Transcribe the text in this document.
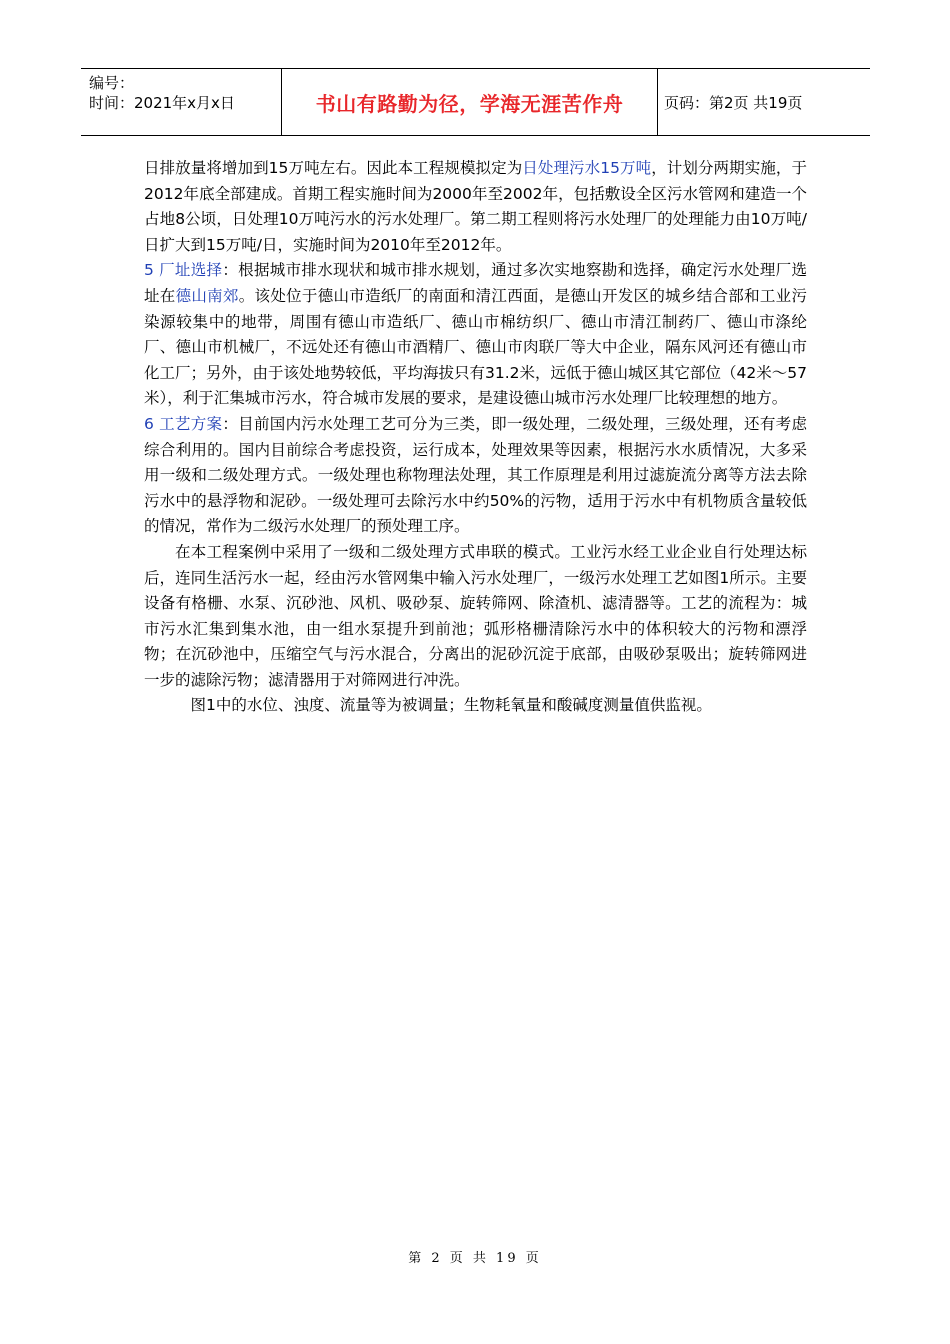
编号：
时间：2021年x月x日	书山有路勤为径，学海无涯苦作舟	页码：第2页 共19页

日排放量将增加到15万吨左右。因此本工程规模拟定为日处理污水15万吨，计划分两期实施，于2012年底全部建成。首期工程实施时间为2000年至2002年，包括敷设全区污水管网和建造一个占地8公顷，日处理10万吨污水的污水处理厂。第二期工程则将污水处理厂的处理能力由10万吨/日扩大到15万吨/日，实施时间为2010年至2012年。

5 厂址选择：根据城市排水现状和城市排水规划，通过多次实地察勘和选择，确定污水处理厂选址在德山南郊。该处位于德山市造纸厂的南面和清江西面，是德山开发区的城乡结合部和工业污染源较集中的地带，周围有德山市造纸厂、德山市棉纺织厂、德山市清江制药厂、德山市涤纶厂、德山市机械厂，不远处还有德山市酒精厂、德山市肉联厂等大中企业，隔东风河还有德山市化工厂；另外，由于该处地势较低，平均海拔只有31.2米，远低于德山城区其它部位（42米～57米），利于汇集城市污水，符合城市发展的要求，是建设德山城市污水处理厂比较理想的地方。

6 工艺方案：目前国内污水处理工艺可分为三类，即一级处理，二级处理，三级处理，还有考虑综合利用的。国内目前综合考虑投资，运行成本，处理效果等因素，根据污水水质情况，大多采用一级和二级处理方式。一级处理也称物理法处理，其工作原理是利用过滤旋流分离等方法去除污水中的悬浮物和泥砂。一级处理可去除污水中约50%的污物，适用于污水中有机物质含量较低的情况，常作为二级污水处理厂的预处理工序。

在本工程案例中采用了一级和二级处理方式串联的模式。工业污水经工业企业自行处理达标后，连同生活污水一起，经由污水管网集中输入污水处理厂，一级污水处理工艺如图1所示。主要设备有格栅、水泵、沉砂池、风机、吸砂泵、旋转筛网、除渣机、滤清器等。工艺的流程为：城市污水汇集到集水池，由一组水泵提升到前池；弧形格栅清除污水中的体积较大的污物和漂浮物；在沉砂池中，压缩空气与污水混合，分离出的泥砂沉淀于底部，由吸砂泵吸出；旋转筛网进一步的滤除污物；滤清器用于对筛网进行冲洗。

图1中的水位、浊度、流量等为被调量；生物耗氧量和酸碱度测量值供监视。

第 2 页 共 19 页
